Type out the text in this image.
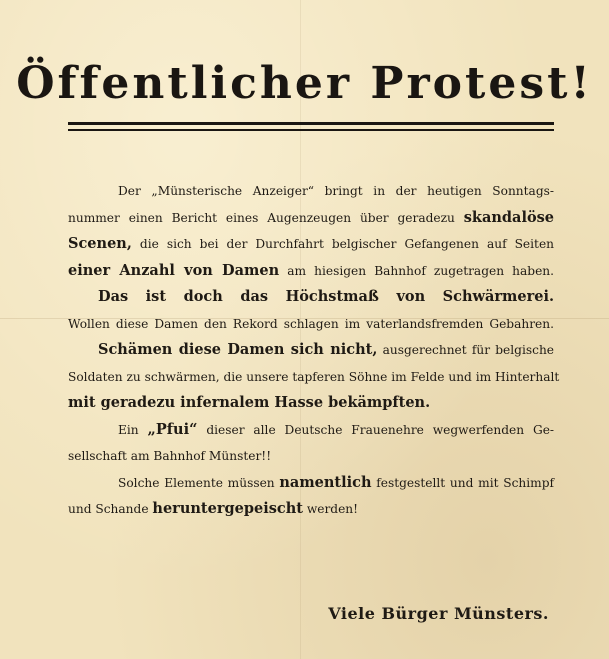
Öffentlicher Protest!
Der „Münsterische Anzeiger“ bringt in der heutigen Sonntags-
nummer einen Bericht eines Augenzeugen über geradezu skandalöse
Scenen, die sich bei der Durchfahrt belgischer Gefangenen auf Seiten
einer Anzahl von Damen am hiesigen Bahnhof zugetragen haben.
Das ist doch das Höchstmaß von Schwärmerei.
Wollen diese Damen den Rekord schlagen im vaterlandsfremden Gebahren.
Schämen diese Damen sich nicht, ausgerechnet für belgische
Soldaten zu schwärmen, die unsere tapferen Söhne im Felde und im Hinterhalt
mit geradezu infernalem Hasse bekämpften.
Ein „Pfui“ dieser alle Deutsche Frauenehre wegwerfenden Ge-
sellschaft am Bahnhof Münster!!
Solche Elemente müssen namentlich festgestellt und mit Schimpf
und Schande heruntergepeischt werden!

Viele Bürger Münsters.
